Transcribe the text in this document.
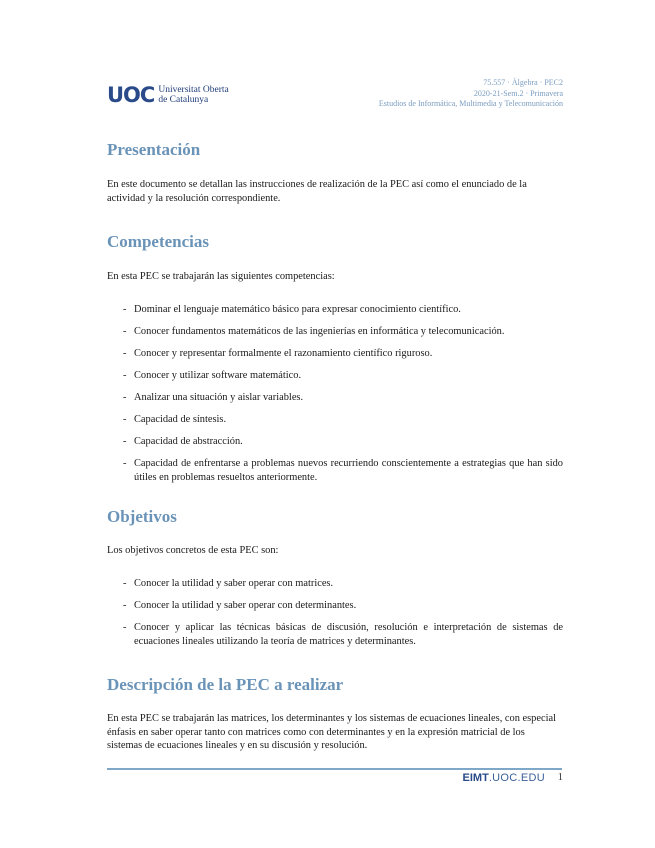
UOC Universitat Oberta
de Catalunya
75.557 · Àlgebra · PEC2
2020-21-Sem.2 · Primavera
Estudios de Informática, Multimedia y Telecomunicación
Presentación

En este documento se detallan las instrucciones de realización de la PEC así como el enunciado de la actividad y la resolución correspondiente.

Competencias

En esta PEC se trabajarán las siguientes competencias:

- Dominar el lenguaje matemático básico para expresar conocimiento científico.
- Conocer fundamentos matemáticos de las ingenierías en informática y telecomunicación.
- Conocer y representar formalmente el razonamiento científico riguroso.
- Conocer y utilizar software matemático.
- Analizar una situación y aislar variables.
- Capacidad de síntesis.
- Capacidad de abstracción.
- Capacidad de enfrentarse a problemas nuevos recurriendo conscientemente a estrategias que han sido útiles en problemas resueltos anteriormente.
Objetivos

Los objetivos concretos de esta PEC son:

- Conocer la utilidad y saber operar con matrices.
- Conocer la utilidad y saber operar con determinantes.
- Conocer y aplicar las técnicas básicas de discusión, resolución e interpretación de sistemas de ecuaciones lineales utilizando la teoría de matrices y determinantes.
Descripción de la PEC a realizar

En esta PEC se trabajarán las matrices, los determinantes y los sistemas de ecuaciones lineales, con especial énfasis en saber operar tanto con matrices como con determinantes y en la expresión matricial de los sistemas de ecuaciones lineales y en su discusión y resolución.

EIMT.UOC.EDU 1
